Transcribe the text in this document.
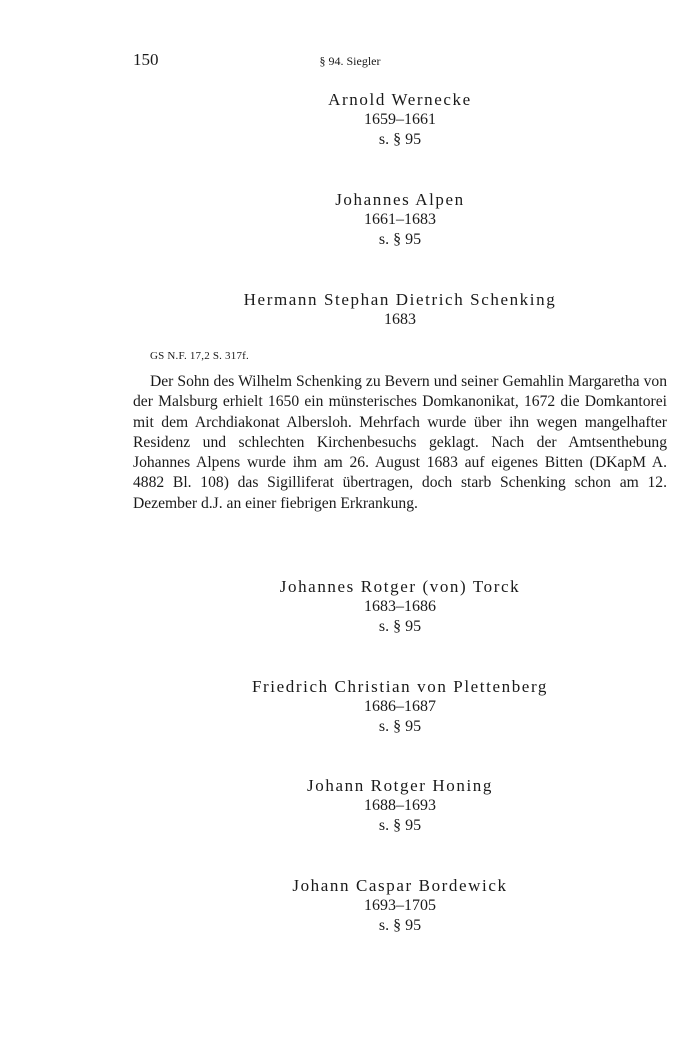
150	§ 94. Siegler
Arnold Wernecke
1659–1661
s. § 95
Johannes Alpen
1661–1683
s. § 95
Hermann Stephan Dietrich Schenking
1683
GS N.F. 17,2 S. 317f.

Der Sohn des Wilhelm Schenking zu Bevern und seiner Gemahlin Margaretha von der Malsburg erhielt 1650 ein münsterisches Domkanonikat, 1672 die Domkantorei mit dem Archdiakonat Albersloh. Mehrfach wurde über ihn wegen mangelhafter Residenz und schlechten Kirchenbesuchs geklagt. Nach der Amtsenthebung Johannes Alpens wurde ihm am 26. August 1683 auf eigenes Bitten (DKapM A. 4882 Bl. 108) das Sigilliferat übertragen, doch starb Schenking schon am 12. Dezember d.J. an einer fiebrigen Erkrankung.

Johannes Rotger (von) Torck
1683–1686
s. § 95
Friedrich Christian von Plettenberg
1686–1687
s. § 95
Johann Rotger Honing
1688–1693
s. § 95
Johann Caspar Bordewick
1693–1705
s. § 95
